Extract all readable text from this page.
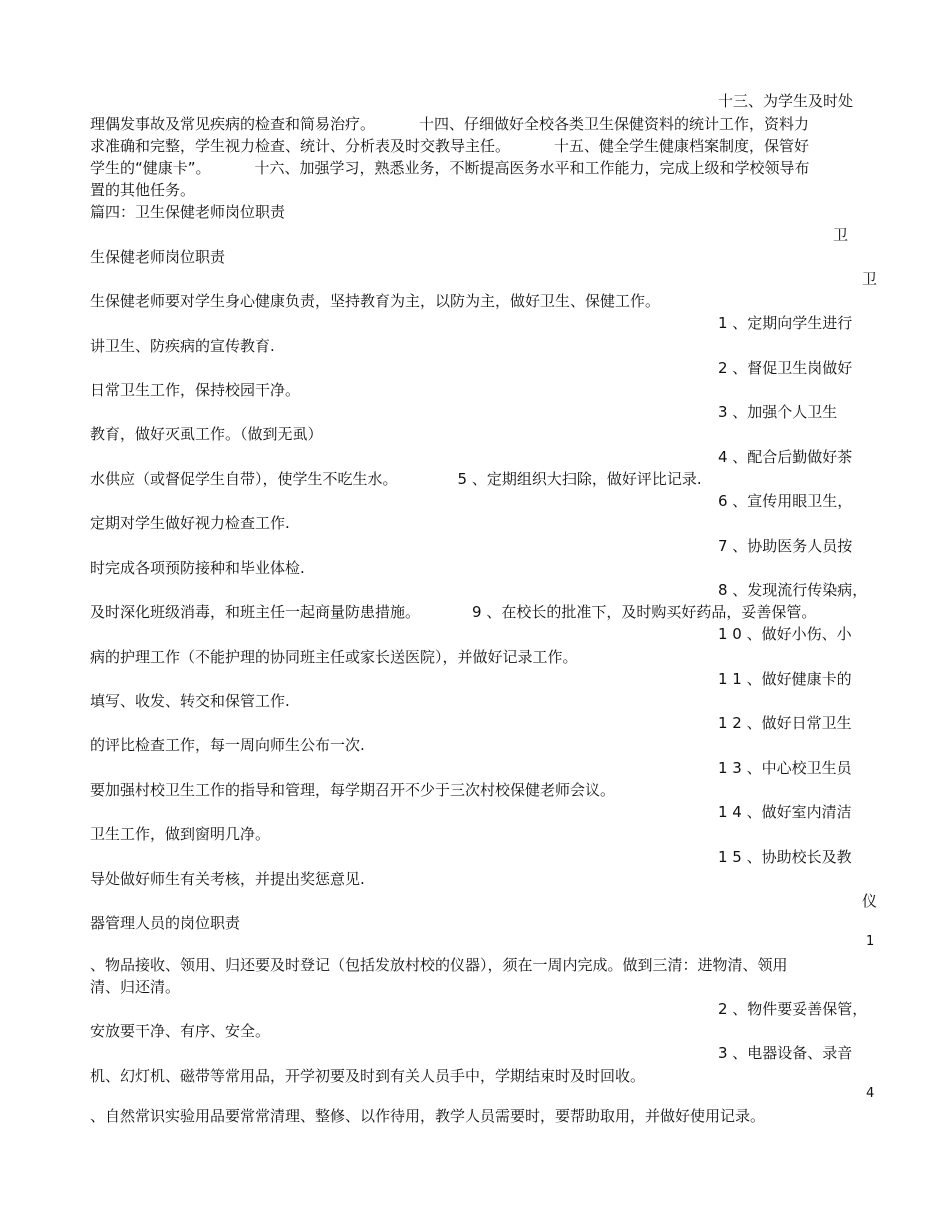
十三、为学生及时处
理偶发事故及常见疾病的检查和简易治疗。	十四、仔细做好全校各类卫生保健资料的统计工作，资料力
求准确和完整，学生视力检查、统计、分析表及时交教导主任。	十五、健全学生健康档案制度，保管好
学生的“健康卡”。	十六、加强学习，熟悉业务，不断提高医务水平和工作能力，完成上级和学校领导布
置的其他任务。
篇四：卫生保健老师岗位职责
卫
生保健老师岗位职责
卫
生保健老师要对学生身心健康负责，坚持教育为主，以防为主，做好卫生、保健工作。
1 、定期向学生进行
讲卫生、防疾病的宣传教育.
2 、督促卫生岗做好
日常卫生工作，保持校园干净。
3 、加强个人卫生
教育，做好灭虱工作。（做到无虱）
4 、配合后勤做好茶
水供应（或督促学生自带），使学生不吃生水。	5 、定期组织大扫除，做好评比记录.
6 、宣传用眼卫生，
定期对学生做好视力检查工作.
7 、协助医务人员按
时完成各项预防接种和毕业体检.
8 、发现流行传染病，
及时深化班级消毒，和班主任一起商量防患措施。	9 、在校长的批准下，及时购买好药品，妥善保管。
1 0 、做好小伤、小
病的护理工作（不能护理的协同班主任或家长送医院），并做好记录工作。
1 1 、做好健康卡的
填写、收发、转交和保管工作.
1 2 、做好日常卫生
的评比检查工作，每一周向师生公布一次.
1 3 、中心校卫生员
要加强村校卫生工作的指导和管理，每学期召开不少于三次村校保健老师会议。
1 4 、做好室内清洁
卫生工作，做到窗明几净。
1 5 、协助校长及教
导处做好师生有关考核，并提出奖惩意见.
仪
器管理人员的岗位职责
1
、物品接收、领用、归还要及时登记（包括发放村校的仪器），须在一周内完成。做到三清：进物清、领用
清、归还清。
2 、物件要妥善保管，
安放要干净、有序、安全。
3 、电器设备、录音
机、幻灯机、磁带等常用品，开学初要及时到有关人员手中，学期结束时及时回收。
4
、自然常识实验用品要常常清理、整修、以作待用，教学人员需要时，要帮助取用，并做好使用记录。
